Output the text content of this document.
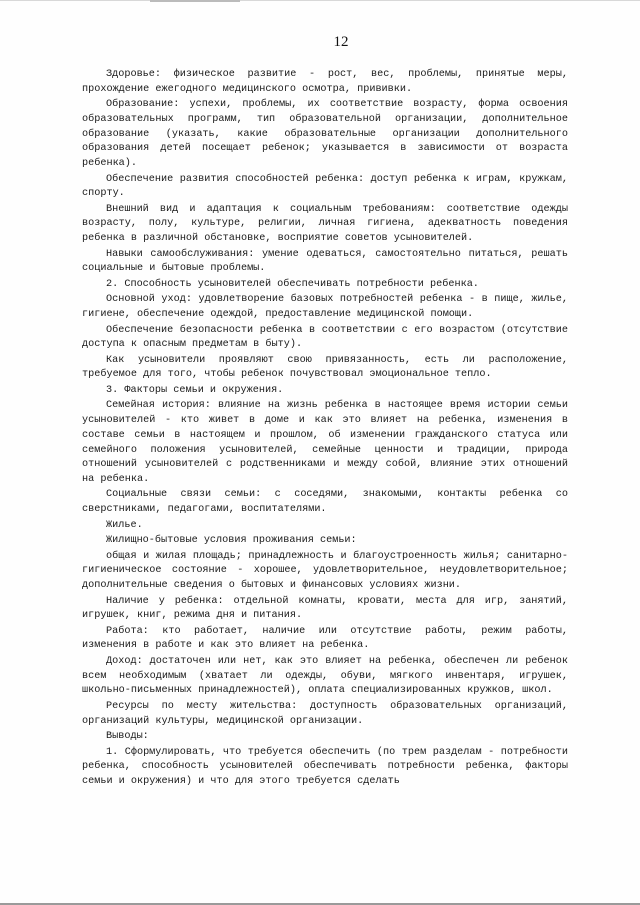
12

Здоровье: физическое развитие - рост, вес, проблемы, принятые меры, прохождение ежегодного медицинского осмотра, прививки.

Образование: успехи, проблемы, их соответствие возрасту, форма освоения образовательных программ, тип образовательной организации, дополнительное образование (указать, какие образовательные организации дополнительного образования детей посещает ребенок; указывается в зависимости от возраста ребенка).

Обеспечение развития способностей ребенка: доступ ребенка к играм, кружкам, спорту.

Внешний вид и адаптация к социальным требованиям: соответствие одежды возрасту, полу, культуре, религии, личная гигиена, адекватность поведения ребенка в различной обстановке, восприятие советов усыновителей.

Навыки самообслуживания: умение одеваться, самостоятельно питаться, решать социальные и бытовые проблемы.

2. Способность усыновителей обеспечивать потребности ребенка.

Основной уход: удовлетворение базовых потребностей ребенка - в пище, жилье, гигиене, обеспечение одеждой, предоставление медицинской помощи.

Обеспечение безопасности ребенка в соответствии с его возрастом (отсутствие доступа к опасным предметам в быту).

Как усыновители проявляют свою привязанность, есть ли расположение, требуемое для того, чтобы ребенок почувствовал эмоциональное тепло.

3. Факторы семьи и окружения.

Семейная история: влияние на жизнь ребенка в настоящее время истории семьи усыновителей - кто живет в доме и как это влияет на ребенка, изменения в составе семьи в настоящем и прошлом, об изменении гражданского статуса или семейного положения усыновителей, семейные ценности и традиции, природа отношений усыновителей с родственниками и между собой, влияние этих отношений на ребенка.

Социальные связи семьи: с соседями, знакомыми, контакты ребенка со сверстниками, педагогами, воспитателями.

Жилье.

Жилищно-бытовые условия проживания семьи:

общая и жилая площадь; принадлежность и благоустроенность жилья; санитарно-гигиеническое состояние - хорошее, удовлетворительное, неудовлетворительное; дополнительные сведения о бытовых и финансовых условиях жизни.

Наличие у ребенка: отдельной комнаты, кровати, места для игр, занятий, игрушек, книг, режима дня и питания.

Работа: кто работает, наличие или отсутствие работы, режим работы, изменения в работе и как это влияет на ребенка.

Доход: достаточен или нет, как это влияет на ребенка, обеспечен ли ребенок всем необходимым (хватает ли одежды, обуви, мягкого инвентаря, игрушек, школьно-письменных принадлежностей), оплата специализированных кружков, школ.

Ресурсы по месту жительства: доступность образовательных организаций, организаций культуры, медицинской организации.

Выводы:

1. Сформулировать, что требуется обеспечить (по трем разделам - потребности ребенка, способность усыновителей обеспечивать потребности ребенка, факторы семьи и окружения) и что для этого требуется сделать
